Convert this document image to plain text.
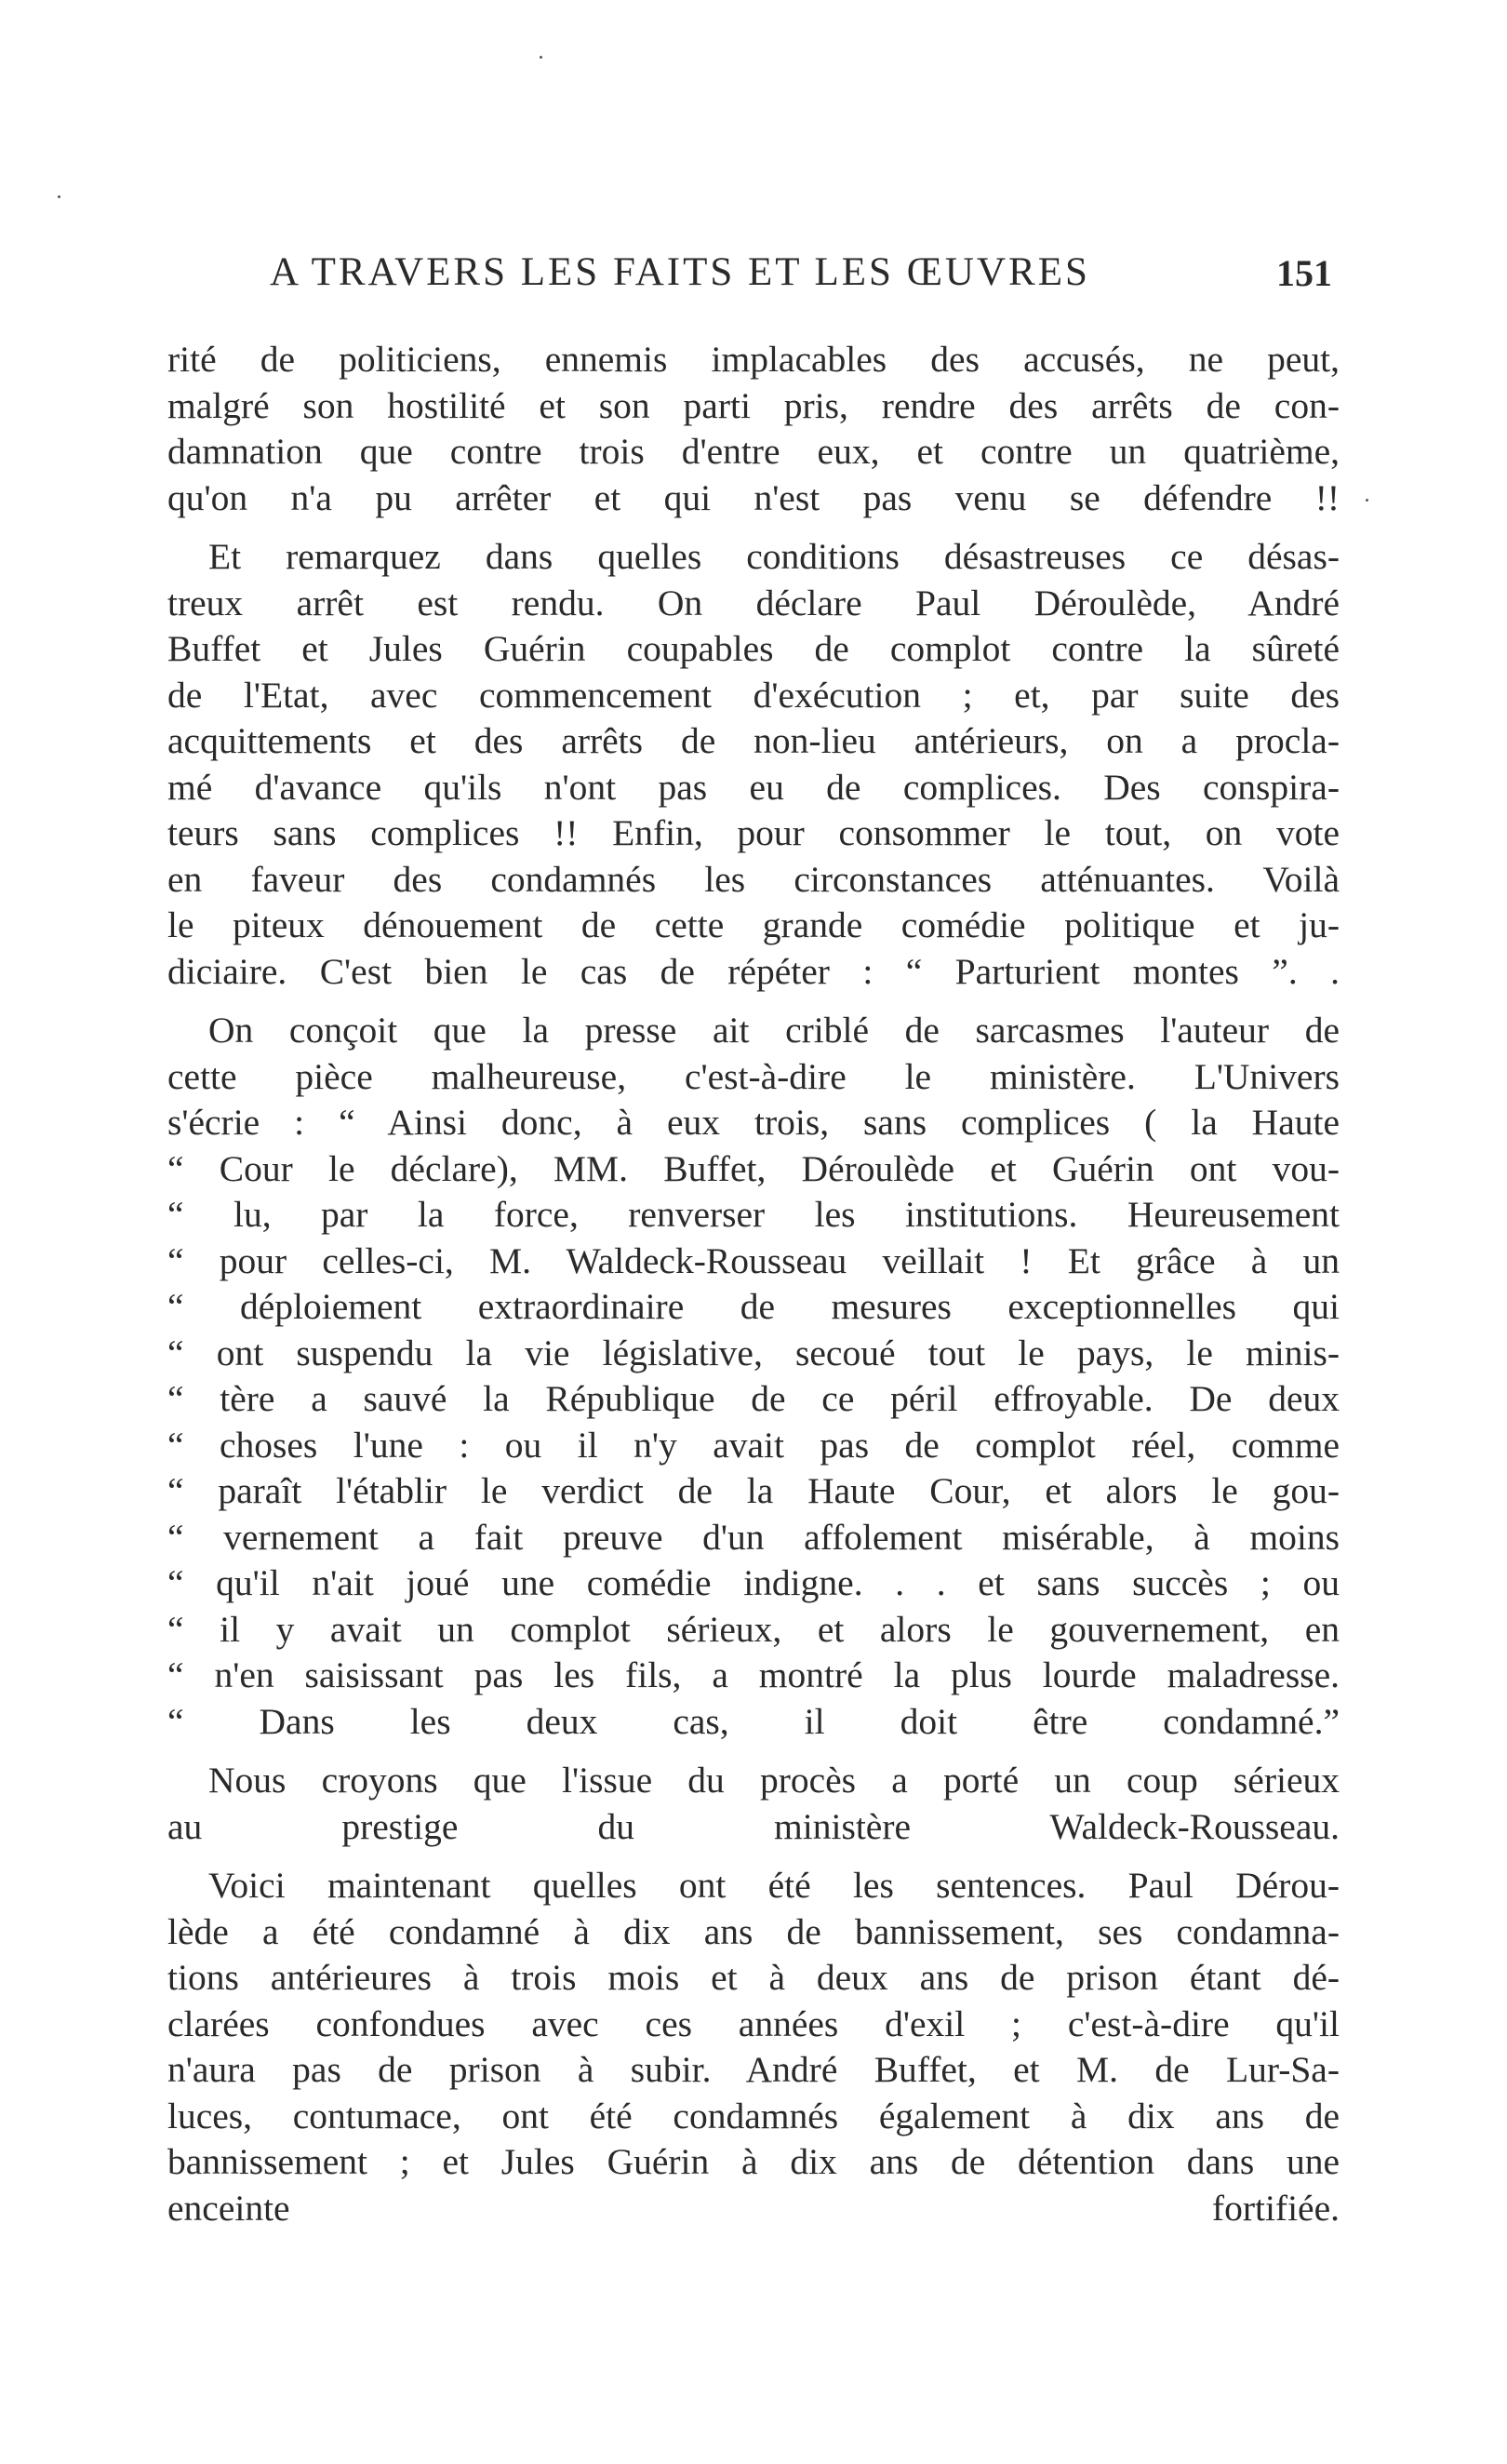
A TRAVERS LES FAITS ET LES ŒUVRES	151
rité de politiciens, ennemis implacables des accusés, ne peut,
malgré son hostilité et son parti pris, rendre des arrêts de con-
damnation que contre trois d'entre eux, et contre un quatrième,
qu'on n'a pu arrêter et qui n'est pas venu se défendre !!
Et remarquez dans quelles conditions désastreuses ce désas-
treux arrêt est rendu. On déclare Paul Déroulède, André
Buffet et Jules Guérin coupables de complot contre la sûreté
de l'Etat, avec commencement d'exécution ; et, par suite des
acquittements et des arrêts de non-lieu antérieurs, on a procla-
mé d'avance qu'ils n'ont pas eu de complices. Des conspira-
teurs sans complices !! Enfin, pour consommer le tout, on vote
en faveur des condamnés les circonstances atténuantes. Voilà
le piteux dénouement de cette grande comédie politique et ju-
diciaire. C'est bien le cas de répéter : “ Parturient montes ”. .
On conçoit que la presse ait criblé de sarcasmes l'auteur de
cette pièce malheureuse, c'est-à-dire le ministère. L'Univers
s'écrie : “ Ainsi donc, à eux trois, sans complices ( la Haute
“ Cour le déclare), MM. Buffet, Déroulède et Guérin ont vou-
“ lu, par la force, renverser les institutions. Heureusement
“ pour celles-ci, M. Waldeck-Rousseau veillait ! Et grâce à un
“ déploiement extraordinaire de mesures exceptionnelles qui
“ ont suspendu la vie législative, secoué tout le pays, le minis-
“ tère a sauvé la République de ce péril effroyable. De deux
“ choses l'une : ou il n'y avait pas de complot réel, comme
“ paraît l'établir le verdict de la Haute Cour, et alors le gou-
“ vernement a fait preuve d'un affolement misérable, à moins
“ qu'il n'ait joué une comédie indigne. . . et sans succès ; ou
“ il y avait un complot sérieux, et alors le gouvernement, en
“ n'en saisissant pas les fils, a montré la plus lourde maladresse.
“ Dans les deux cas, il doit être condamné.”
Nous croyons que l'issue du procès a porté un coup sérieux
au prestige du ministère Waldeck-Rousseau.
Voici maintenant quelles ont été les sentences. Paul Dérou-
lède a été condamné à dix ans de bannissement, ses condamna-
tions antérieures à trois mois et à deux ans de prison étant dé-
clarées confondues avec ces années d'exil ; c'est-à-dire qu'il
n'aura pas de prison à subir. André Buffet, et M. de Lur-Sa-
luces, contumace, ont été condamnés également à dix ans de
bannissement ; et Jules Guérin à dix ans de détention dans une
enceinte fortifiée.
